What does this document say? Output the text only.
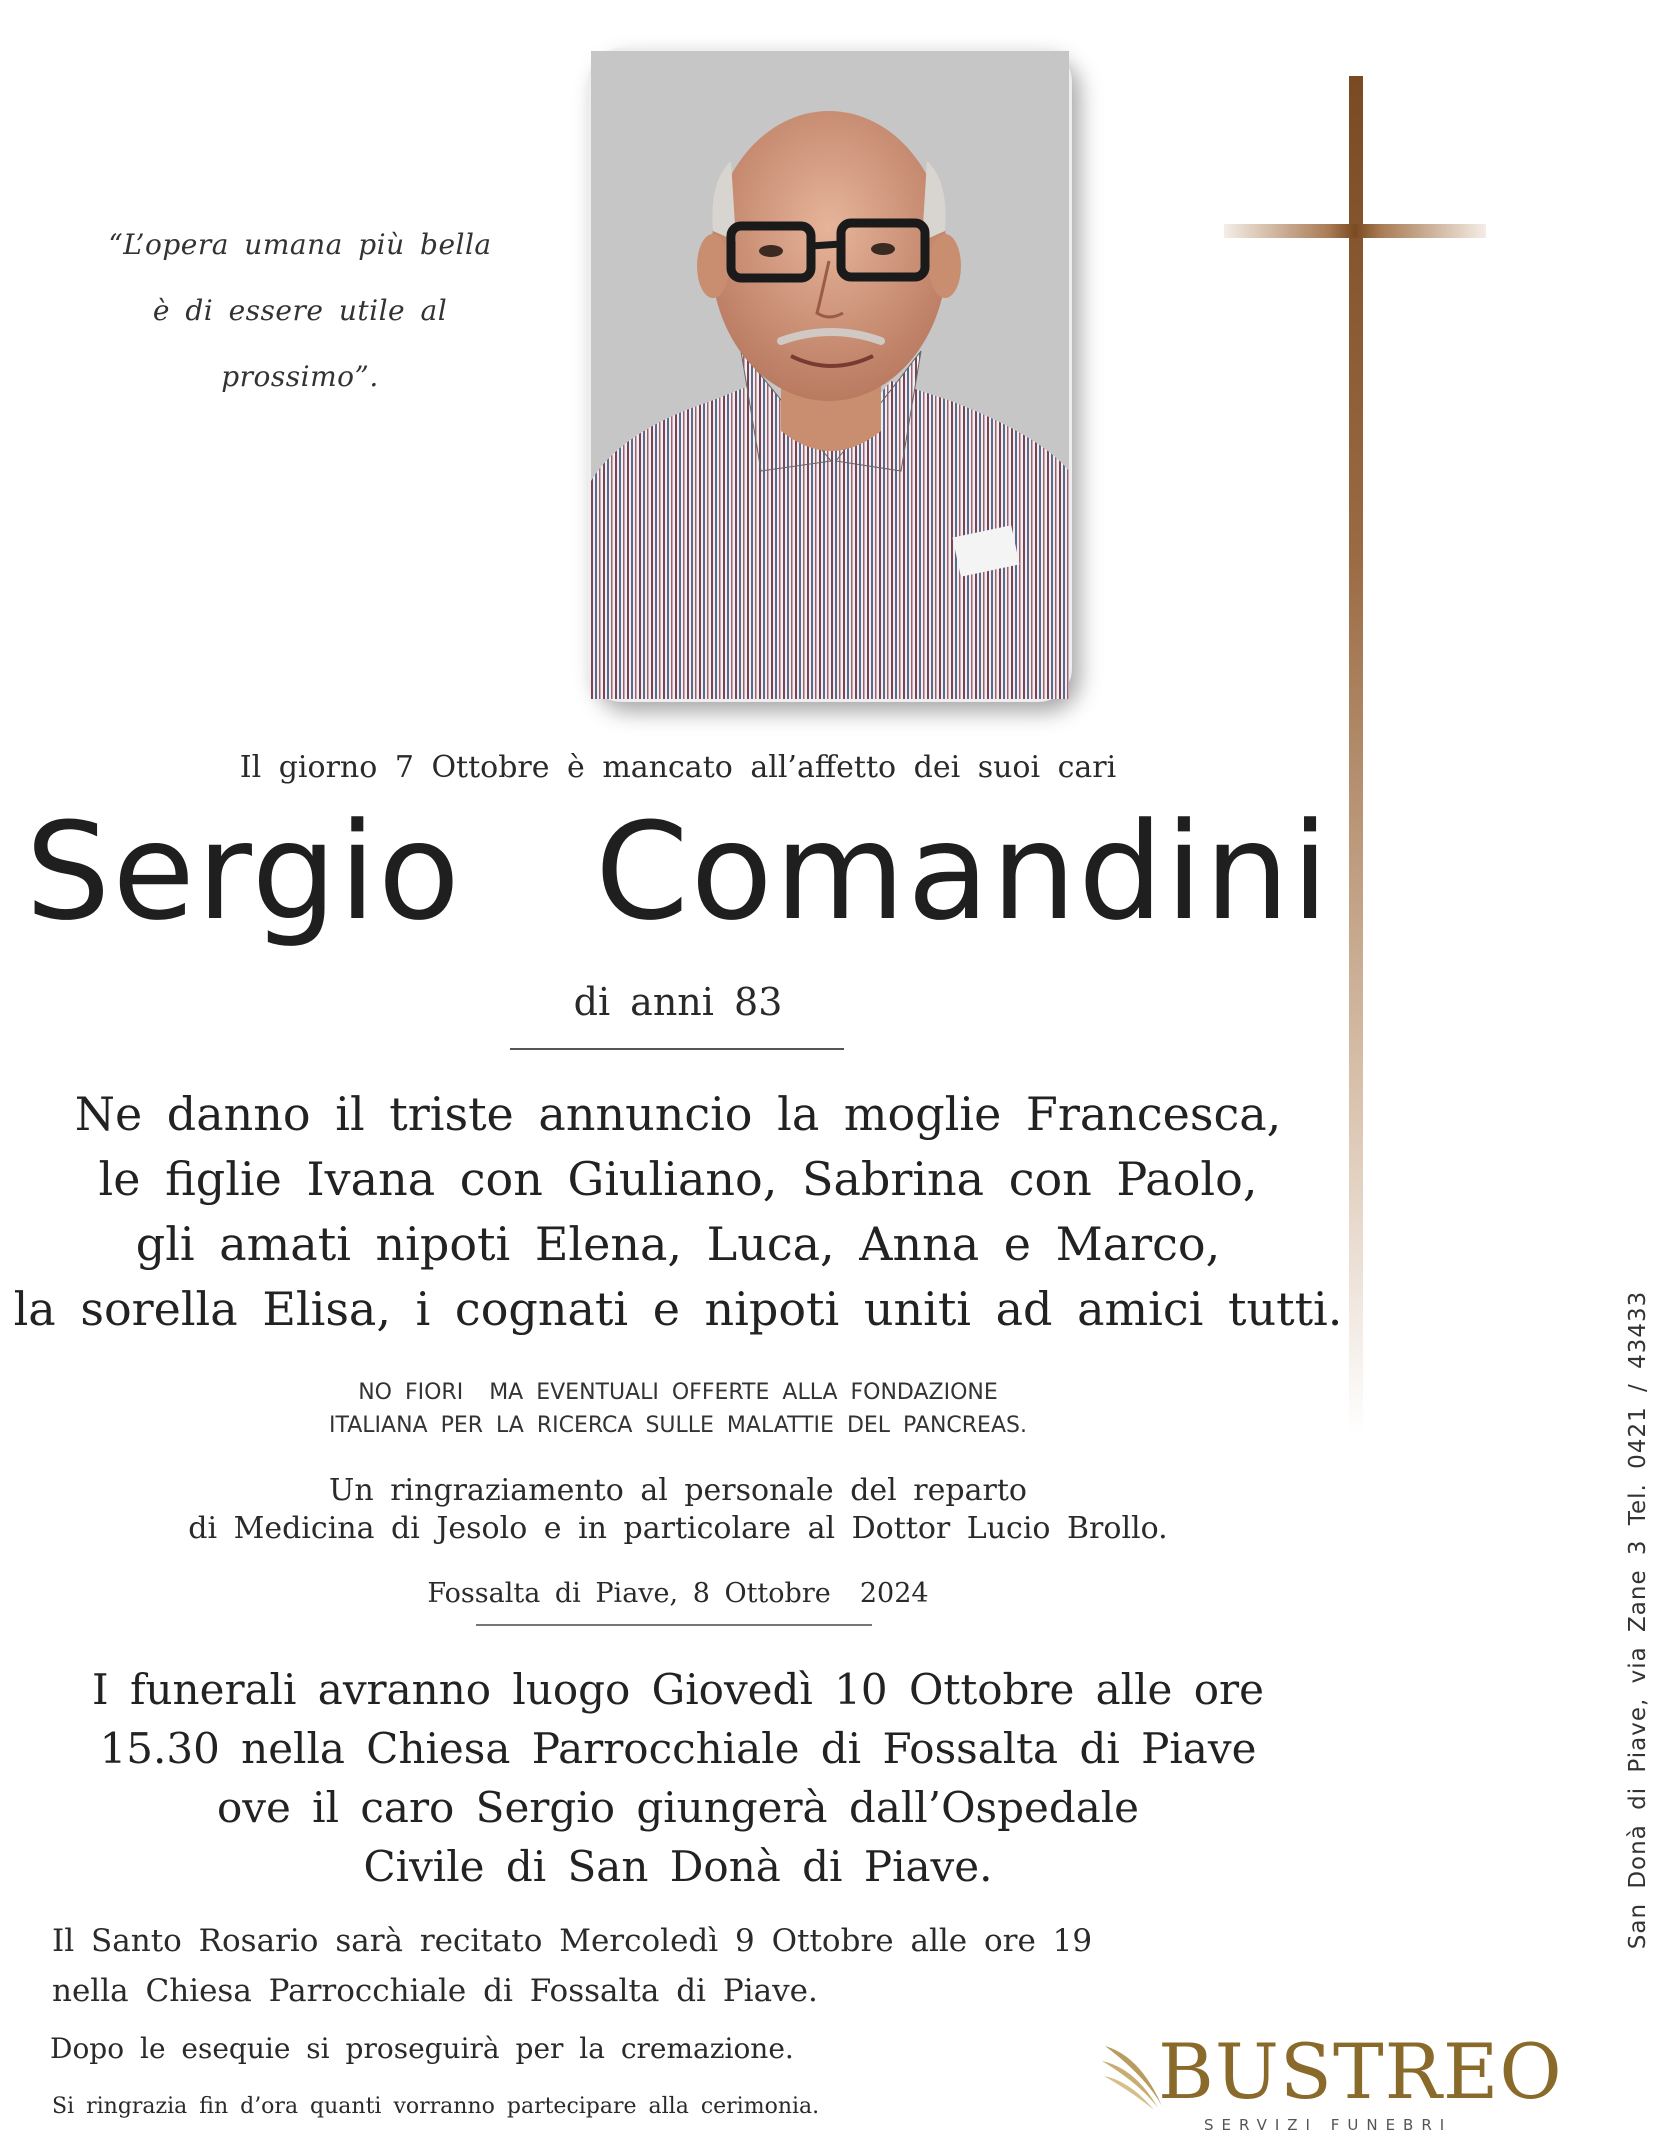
“L’opera umana più bella
è di essere utile al prossimo”.
San Donà di Piave, via Zane 3 Tel. 0421 / 43433
Il giorno 7 Ottobre è mancato all’affetto dei suoi cari
Sergio  Comandini
di anni 83
Ne danno il triste annuncio la moglie Francesca,
le figlie Ivana con Giuliano, Sabrina con Paolo,
gli amati nipoti Elena, Luca, Anna e Marco,
la sorella Elisa, i cognati e nipoti uniti ad amici tutti.
NO FIORI  MA EVENTUALI OFFERTE ALLA FONDAZIONE
ITALIANA PER LA RICERCA SULLE MALATTIE DEL PANCREAS.
Un ringraziamento al personale del reparto
di Medicina di Jesolo e in particolare al Dottor Lucio Brollo.
Fossalta di Piave, 8 Ottobre  2024
I funerali avranno luogo Giovedì 10 Ottobre alle ore
15.30 nella Chiesa Parrocchiale di Fossalta di Piave
ove il caro Sergio giungerà dall’Ospedale
Civile di San Donà di Piave.
Il Santo Rosario sarà recitato Mercoledì 9 Ottobre alle ore 19
nella Chiesa Parrocchiale di Fossalta di Piave.
Dopo le esequie si proseguirà per la cremazione.
Si ringrazia fin d’ora quanti vorranno partecipare alla cerimonia.	BUSTREO
SERVIZI FUNEBRI
